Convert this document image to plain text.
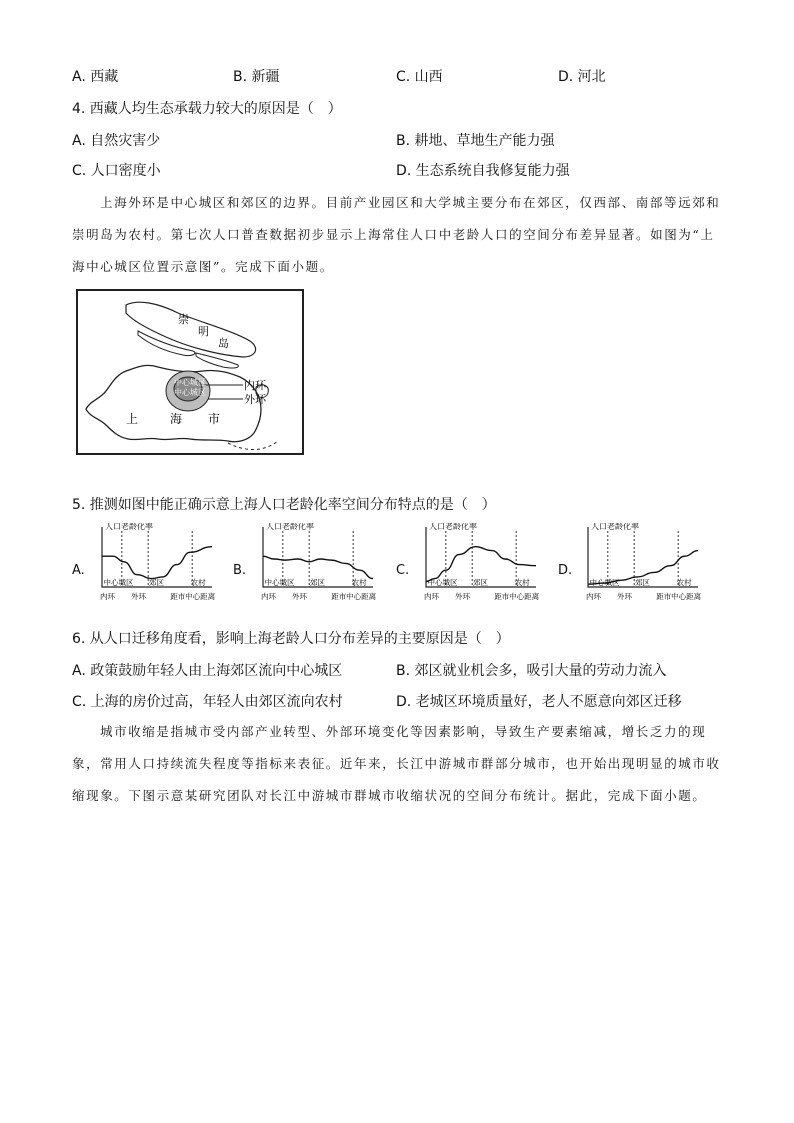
A. 西藏	B. 新疆	C. 山西	D. 河北
4. 西藏人均生态承载力较大的原因是（　）
A. 自然灾害少	B. 耕地、草地生产能力强
C. 人口密度小	D. 生态系统自我修复能力强
上海外环是中心城区和郊区的边界。目前产业园区和大学城主要分布在郊区，仅西部、南部等远郊和崇明岛为农村。第七次人口普查数据初步显示上海常住人口中老龄人口的空间分布差异显著。如图为“上海中心城区位置示意图”。完成下面小题。
崇
明
岛
中心城区
中心城区
内环
外环
上	海 市
5. 推测如图中能正确示意上海人口老龄化率空间分布特点的是（　）
A.
人口老龄化率
中心城区 郊区	农村
内环 外环	距市中心距离
B.
人口老龄化率
中心城区 郊区	农村
内环 外环	距市中心距离
C.
人口老龄化率
中心城区 郊区	农村
内环 外环	距市中心距离
D.
人口老龄化率
中心城区 郊区	农村
内环 外环	距市中心距离
6. 从人口迁移角度看，影响上海老龄人口分布差异的主要原因是（　）
A. 政策鼓励年轻人由上海郊区流向中心城区	B. 郊区就业机会多，吸引大量的劳动力流入
C. 上海的房价过高，年轻人由郊区流向农村	D. 老城区环境质量好，老人不愿意向郊区迁移
城市收缩是指城市受内部产业转型、外部环境变化等因素影响，导致生产要素缩减，增长乏力的现象，常用人口持续流失程度等指标来表征。近年来，长江中游城市群部分城市，也开始出现明显的城市收缩现象。下图示意某研究团队对长江中游城市群城市收缩状况的空间分布统计。据此，完成下面小题。
